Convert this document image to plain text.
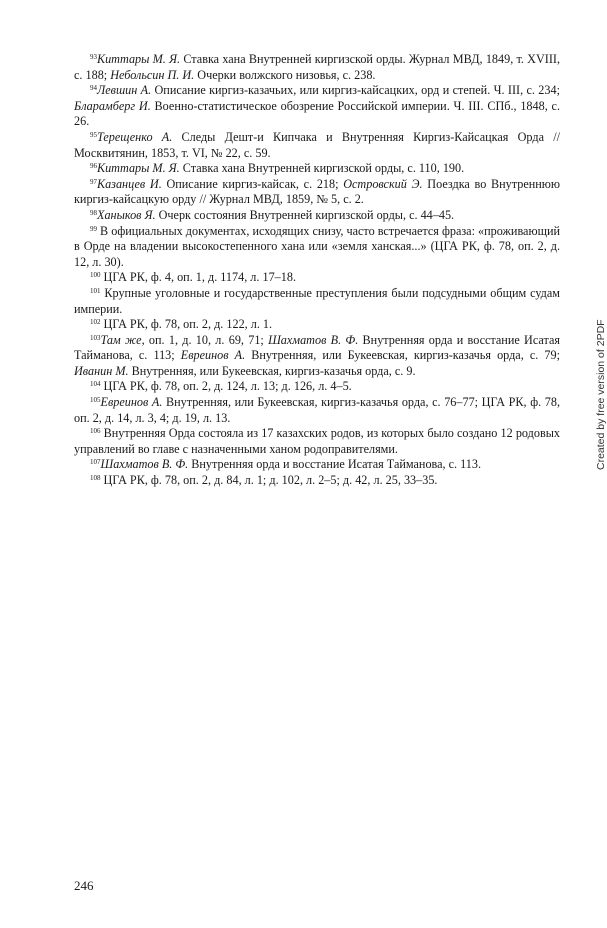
$^{93}$Киттары М. Я. Ставка хана Внутренней киргизской орды. Журнал МВД, 1849, т. XVIII, с. 188; Небольсин П. И. Очерки волжского низовья, с. 238.

$^{94}$Левшин А. Описание киргиз-казачьих, или киргиз-кайсацких, орд и степей. Ч. III, с. 234; Бларамберг И. Военно-статистическое обозрение Российской империи. Ч. III. СПб., 1848, с. 26.

$^{95}$Терещенко А. Следы Дешт-и Кипчака и Внутренняя Киргиз-Кайсацкая Орда //Москвитянин, 1853, т. VI, № 22, с. 59.

$^{96}$Киттары М. Я. Ставка хана Внутренней киргизской орды, с. 110, 190.

$^{97}$Казанцев И. Описание киргиз-кайсак, с. 218; Островский Э. Поездка во Внутреннюю киргиз-кайсацкую орду // Журнал МВД, 1859, № 5, с. 2.

$^{98}$Ханыков Я. Очерк состояния Внутренней киргизской орды, с. 44–45.

$^{99}$ В официальных документах, исходящих снизу, часто встречается фраза: «проживающий в Орде на владении высокостепенного хана или «земля ханская...» (ЦГА РК, ф. 78, оп. 2, д. 12, л. 30).

$^{100}$ ЦГА РК, ф. 4, оп. 1, д. 1174, л. 17–18.

$^{101}$ Крупные уголовные и государственные преступления были подсудными общим судам империи.

$^{102}$ ЦГА РК, ф. 78, оп. 2, д. 122, л. 1.

$^{103}$Там же, оп. 1, д. 10, л. 69, 71; Шахматов В. Ф. Внутренняя орда и восстание Исатая Тайманова, с. 113; Евреинов А. Внутренняя, или Букеевская, киргиз-казачья орда, с. 79; Иванин М. Внутренняя, или Букеевская, киргиз-казачья орда, с. 9.

$^{104}$ ЦГА РК, ф. 78, оп. 2, д. 124, л. 13; д. 126, л. 4–5.

$^{105}$Евреинов А. Внутренняя, или Букеевская, киргиз-казачья орда, с. 76–77; ЦГА РК, ф. 78, оп. 2, д. 14, л. 3, 4; д. 19, л. 13.

$^{106}$ Внутренняя Орда состояла из 17 казахских родов, из которых было создано 12 родовых управлений во главе с назначенными ханом родоправителями.

$^{107}$Шахматов В. Ф. Внутренняя орда и восстание Исатая Тайманова, с. 113.

$^{108}$ ЦГА РК, ф. 78, оп. 2, д. 84, л. 1; д. 102, л. 2–5; д. 42, л. 25, 33–35.

246
Created by free version of 2PDF
